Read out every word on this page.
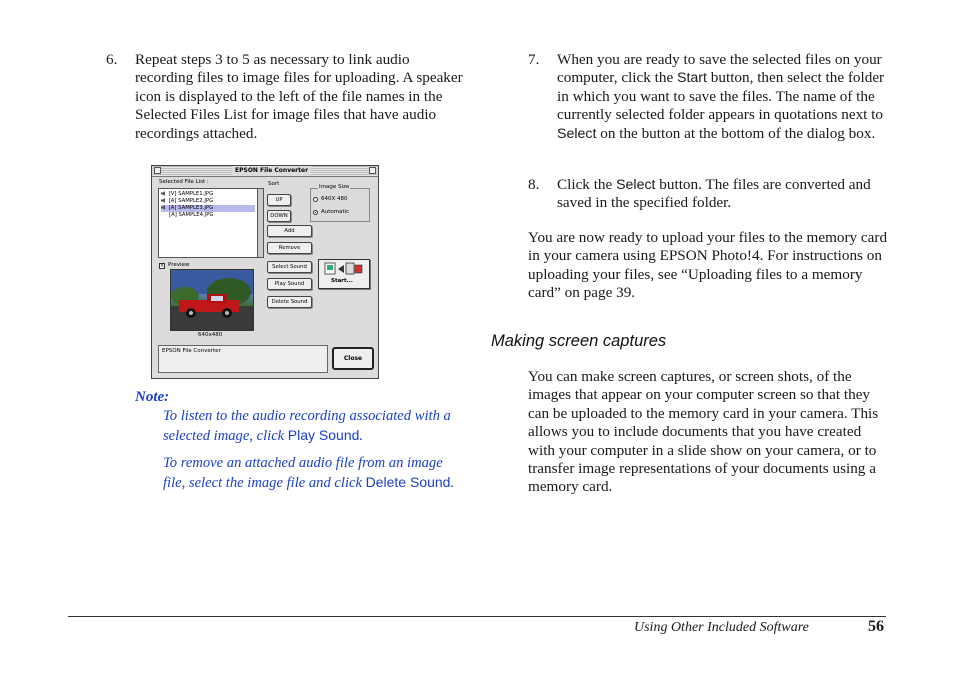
6. Repeat steps 3 to 5 as necessary to link audio recording files to image files for uploading. A speaker icon is displayed to the left of the file names in the Selected Files List for image files that have audio recordings attached.
EPSON File Converter
Selected File List :
[V] SAMPLE1.JPG
[A] SAMPLE2.JPG
[A] SAMPLE3.JPG
[A] SAMPLE4.JPG
Sort
UP
DOWN
Add
Remove
Select Sound
Play Sound
Delete Sound
Image Size
640X 480
Automatic
× Preview
640x480
Start...
EPSON File Converter
Close
Note:
To listen to the audio recording associated with a selected image, click Play Sound.
To remove an attached audio file from an image file, select the image file and click Delete Sound.
7. When you are ready to save the selected files on your computer, click the Start button, then select the folder in which you want to save the files. The name of the currently selected folder appears in quotations next to Select on the button at the bottom of the dialog box.
8. Click the Select button. The files are converted and saved in the specified folder.
You are now ready to upload your files to the memory card in your camera using EPSON Photo!4. For instructions on uploading your files, see “Uploading files to a memory card” on page 39.
Making screen captures
You can make screen captures, or screen shots, of the images that appear on your computer screen so that they can be uploaded to the memory card in your camera. This allows you to include documents that you have created with your computer in a slide show on your camera, or to transfer image representations of your documents using a memory card.
Using Other Included Software	56
